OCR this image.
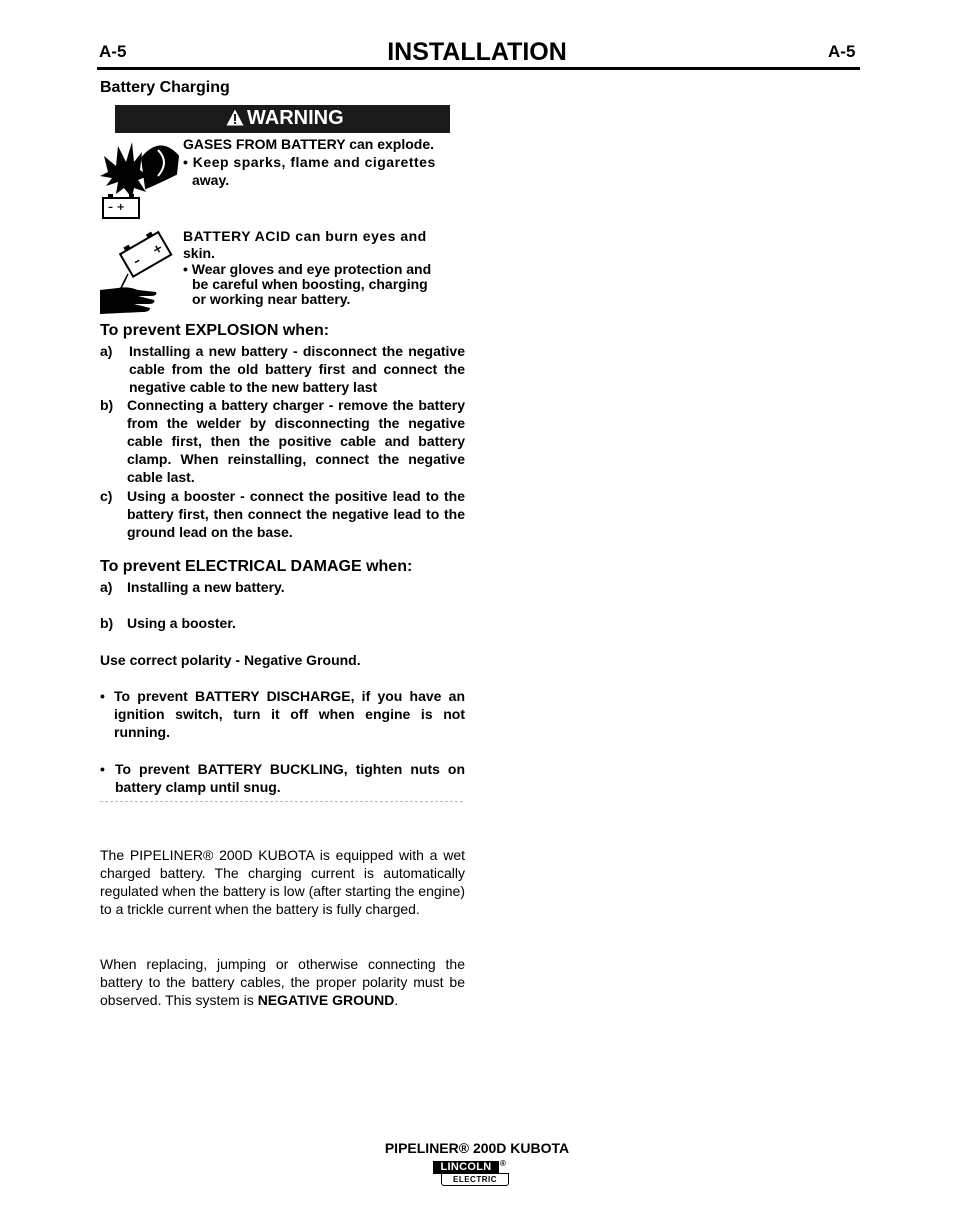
A-5	INSTALLATION	A-5
Battery Charging
WARNING
– +
GASES FROM BATTERY can explode.
• Keep sparks, flame and cigarettes
away.
–
+
BATTERY ACID can burn eyes and
skin.
• Wear gloves and eye protection and
be careful when boosting, charging
or working near battery.
To prevent EXPLOSION when:
a) Installing a new battery - disconnect the negative cable from the old battery first and connect the negative cable to the new battery last
b) Connecting a battery charger - remove the battery from the welder by disconnecting the negative cable first, then the positive cable and battery clamp. When reinstalling, connect the negative cable last.
c) Using a booster - connect the positive lead to the battery first, then connect the negative lead to the ground lead on the base.
To prevent ELECTRICAL DAMAGE when:
a) Installing a new battery.
b) Using a booster.
Use correct polarity - Negative Ground.
• To prevent BATTERY DISCHARGE, if you have an ignition switch, turn it off when engine is not running.
• To prevent BATTERY BUCKLING, tighten nuts on battery clamp until snug.
The PIPELINER® 200D KUBOTA is equipped with a wet charged battery. The charging current is automatically regulated when the battery is low (after starting the engine) to a trickle current when the battery is fully charged.
When replacing, jumping or otherwise connecting the battery to the battery cables, the proper polarity must be observed. This system is NEGATIVE GROUND.
PIPELINER® 200D KUBOTA
LINCOLN	®
ELECTRIC
